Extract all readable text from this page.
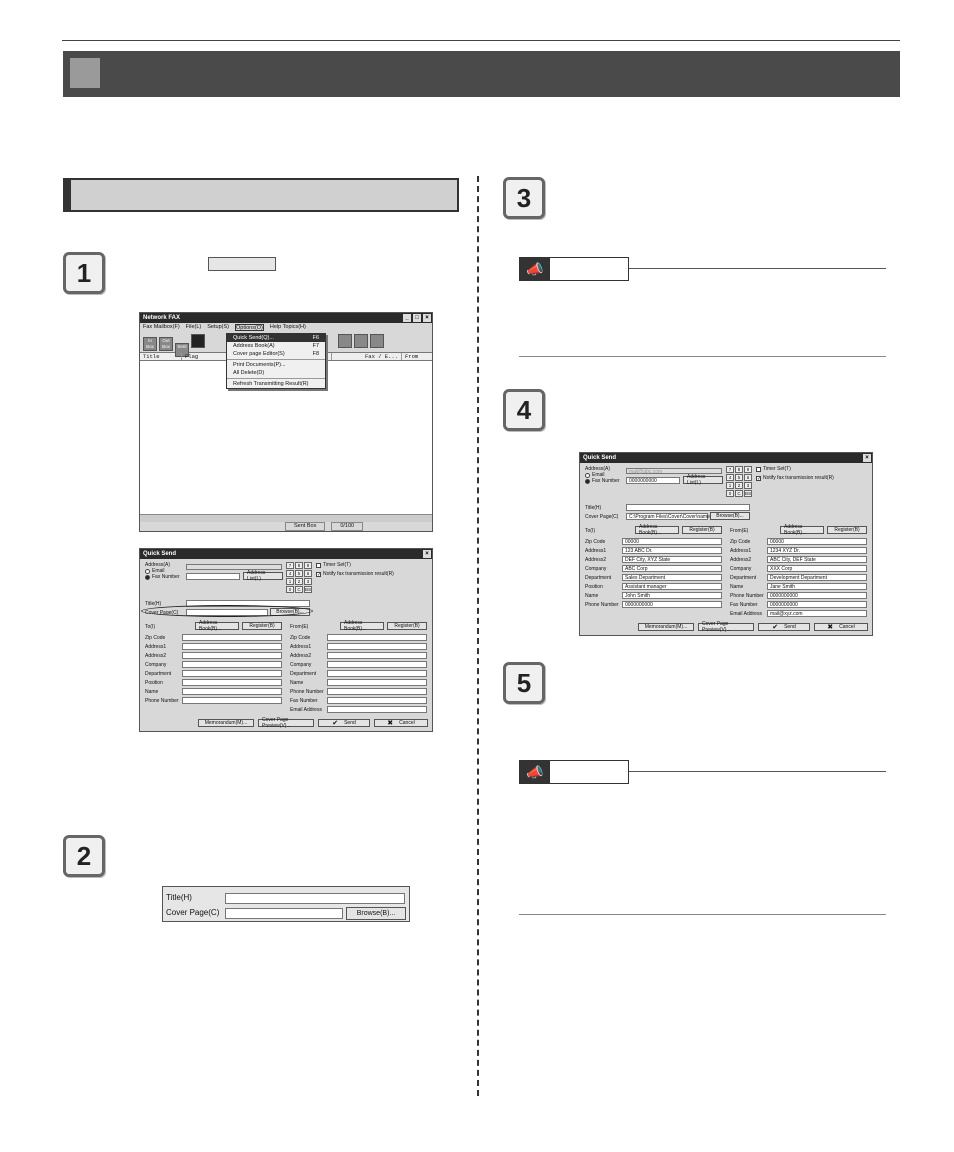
1
2
3
4
5
📣
📣
Network FAX	_	□	×
Fax Mailbox(F) File(L) Setup(S) Options(O) Help Topics(H)
In BoxOut Box Sent
Title	Flag	Fax / E...	From
Sent Box	0/100
Quick Send(Q)...	F6
Address Book(A)	F7
Cover page Editor(S)	F8
Print Documents(P)...
All Delete(D)
Refresh Transmitting Result(R)
Quick Send	×
Address(A)
Email
Fax Number
Address List(L)
7	8	9
4	5	6
1	2	3
0	C BS
Timer Set(T)
✓ Notify fax transmission result(R)
Title(H)
Cover Page(C)	Browse(B)...
To(I)
Address Book(B)...	Register(B)	From(E)
Address Book(B)...	Register(B)
Zip Code
Address1
Address2
Company
Department
Position
Name
Phone Number
Zip Code
Address1
Address2
Company
Department
Name
Phone Number
Fax Number
Email Address
Memorandum(M)...	Cover Page Preview(V)...	✔ Send	✖ Cancel
Title(H)
Cover Page(C)	Browse(B)...
Quick Send	×
Address(A)
Email	mail@abc.com
Fax Number	0000000000
Address List(L)
7	8	9
4	5	6
1	2	3
0	C BS
Timer Set(T)
✓ Notify fax transmission result(R)
Title(H)
Cover Page(C)	C:\Program Files\Cover\Cover\name	Browse(B)...
To(I)
Address Book(B)...	Register(B)	From(E)
Address Book(B)...	Register(B)
Zip Code	00000
Address1	123 ABC Dr.
Address2	DEF City, XYZ State
Company	ABC Corp
Department	Sales Department
Position	Assistant manager
Name	John Smith
Phone Number	0000000000
Zip Code	00000
Address1	1234 XYZ Dr.
Address2	ABC City, DEF State
Company	XXX Corp
Department	Development Department
Name	Jane Smith
Phone Number	0000000000
Fax Number	0000000000
Email Address	mail@xyz.com
Memorandum(M)...	Cover Page Preview(V)...	✔ Send	✖ Cancel
